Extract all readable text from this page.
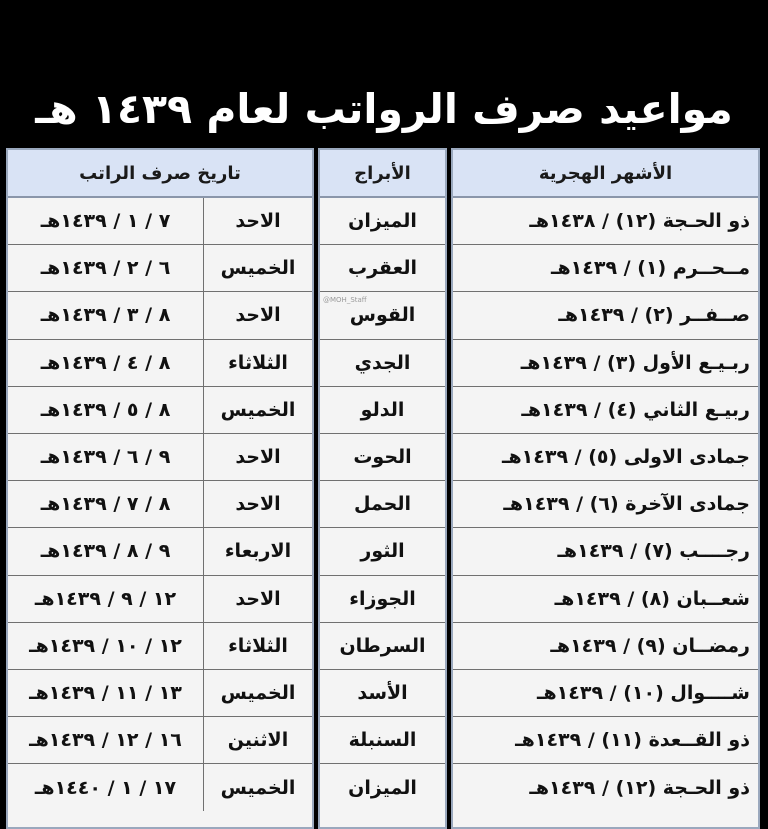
مواعيد صرف الرواتب لعام ١٤٣٩ هـ
@MOH_Staff
الأشهر الهجرية
ذو الحـجة (١٢) / ١٤٣٨هـ
مــحــرم (١) / ١٤٣٩هـ
صــفــر (٢) / ١٤٣٩هـ
ربـيـع الأول (٣) / ١٤٣٩هـ
ربيـع الثاني (٤) / ١٤٣٩هـ
جمادى الاولى (٥) / ١٤٣٩هـ
جمادى الآخرة (٦) / ١٤٣٩هـ
رجــــب (٧) / ١٤٣٩هـ
شعــبان (٨) / ١٤٣٩هـ
رمضــان (٩) / ١٤٣٩هـ
شــــوال (١٠) / ١٤٣٩هـ
ذو القــعدة (١١) / ١٤٣٩هـ
ذو الحـجة (١٢) / ١٤٣٩هـ
الأبراج
الميزان
العقرب
القوس
الجدي
الدلو
الحوت
الحمل
الثور
الجوزاء
السرطان
الأسد
السنبلة
الميزان
تاريخ صرف الراتب
الاحد
٧ / ١ / ١٤٣٩هـ
الخميس
٦ / ٢ / ١٤٣٩هـ
الاحد
٨ / ٣ / ١٤٣٩هـ
الثلاثاء
٨ / ٤ / ١٤٣٩هـ
الخميس
٨ / ٥ / ١٤٣٩هـ
الاحد
٩ / ٦ / ١٤٣٩هـ
الاحد
٨ / ٧ / ١٤٣٩هـ
الاربعاء
٩ / ٨ / ١٤٣٩هـ
الاحد
١٢ / ٩ / ١٤٣٩هـ
الثلاثاء
١٢ / ١٠ / ١٤٣٩هـ
الخميس
١٣ / ١١ / ١٤٣٩هـ
الاثنين
١٦ / ١٢ / ١٤٣٩هـ
الخميس
١٧ / ١ / ١٤٤٠هـ
